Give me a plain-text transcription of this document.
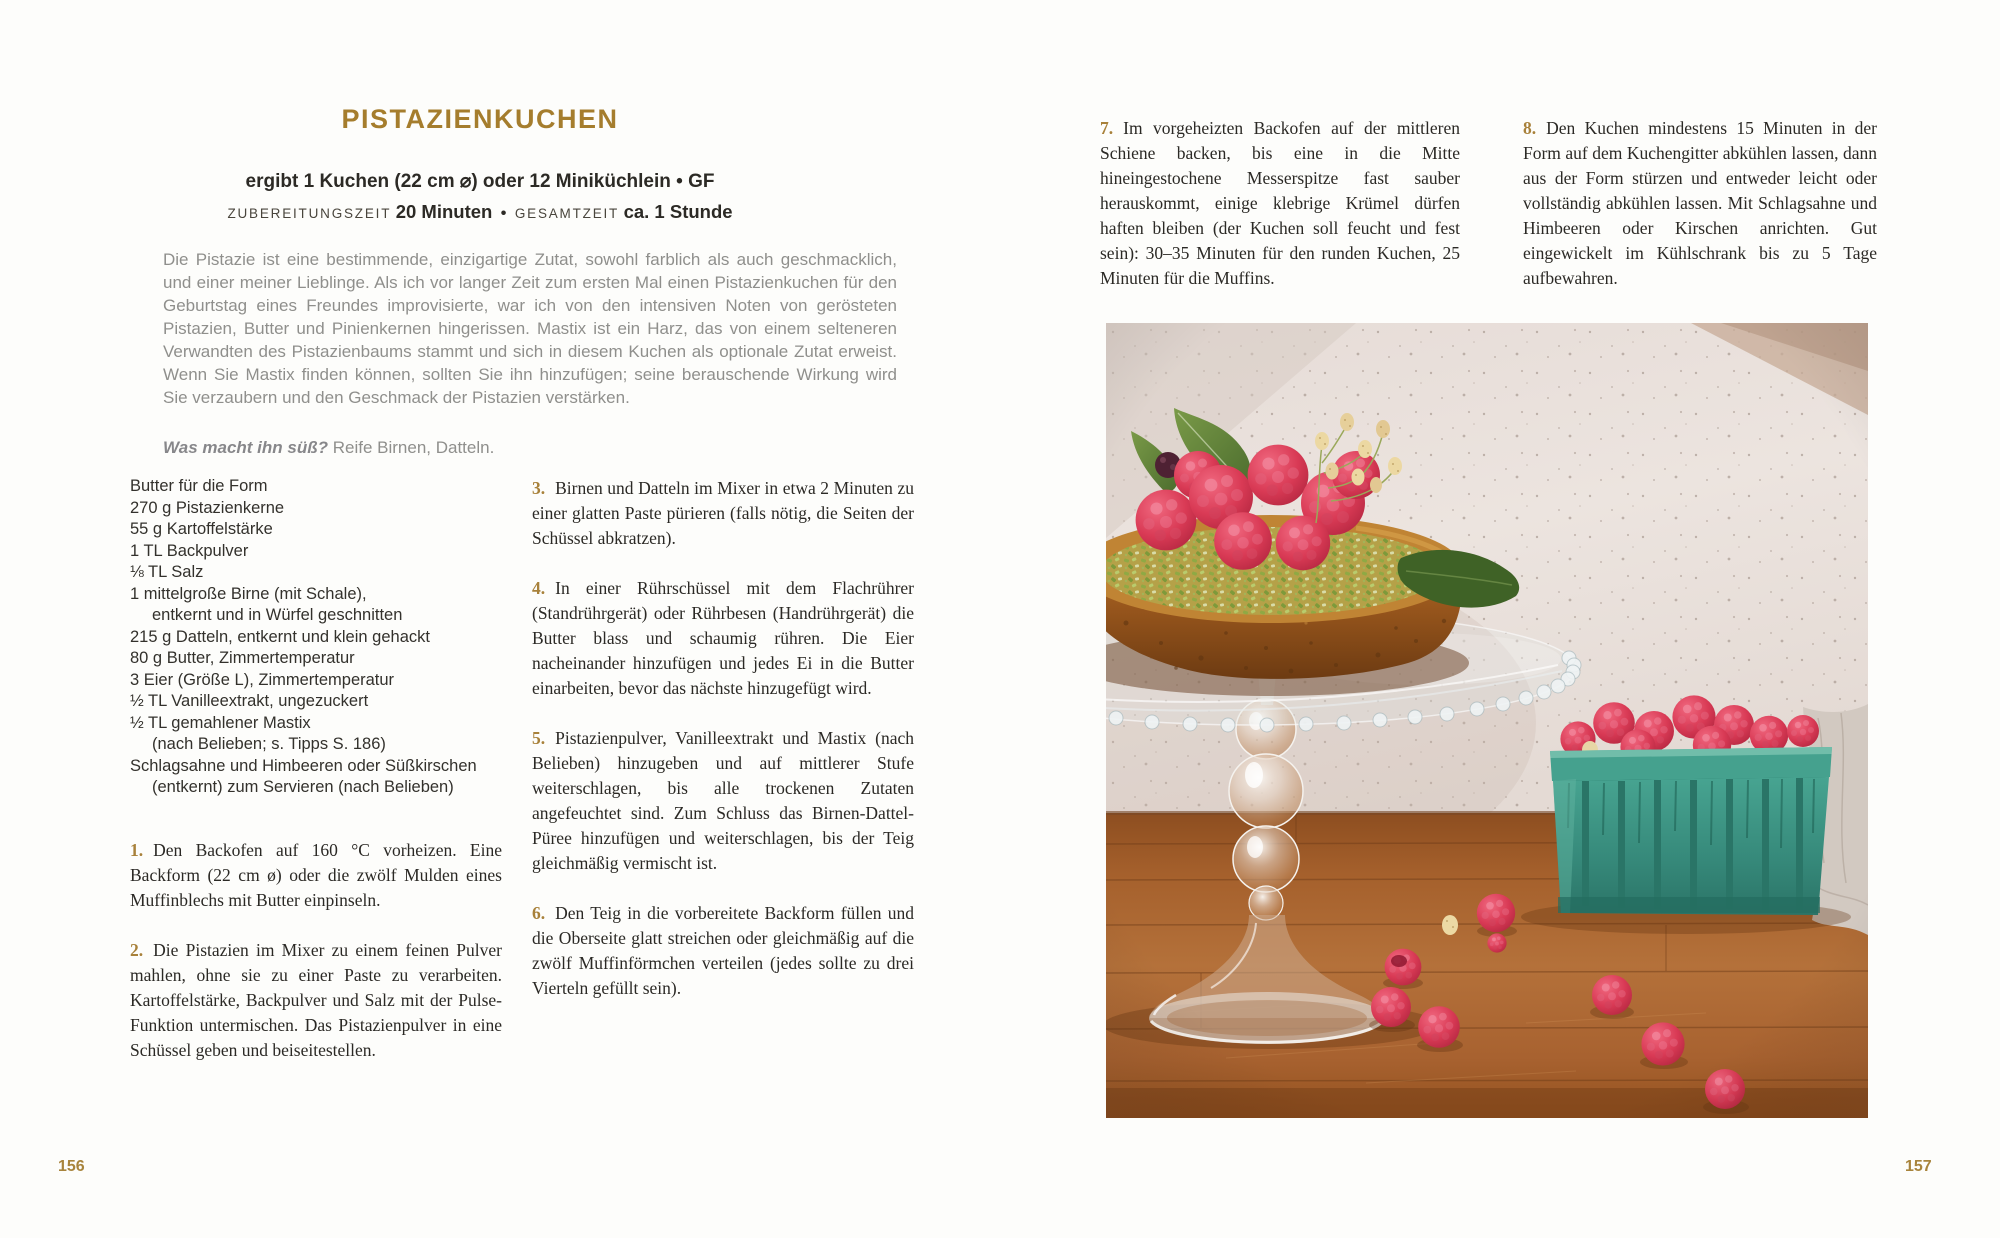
PISTAZIENKUCHEN
ergibt 1 Kuchen (22 cm ⌀) oder 12 Miniküchlein • GF
ZUBEREITUNGSZEIT 20 Minuten • GESAMTZEIT ca. 1 Stunde
Die Pistazie ist eine bestimmende, einzigartige Zutat, sowohl farblich als auch geschmacklich, und einer meiner Lieblinge. Als ich vor langer Zeit zum ersten Mal einen Pistazienkuchen für den Geburtstag eines Freundes improvisierte, war ich von den intensiven Noten von gerösteten Pistazien, Butter und Pinienkernen hingerissen. Mastix ist ein Harz, das von einem selteneren Verwandten des Pistazienbaums stammt und sich in diesem Kuchen als optionale Zutat erweist. Wenn Sie Mastix finden können, sollten Sie ihn hinzufügen; seine berauschende Wirkung wird Sie verzaubern und den Geschmack der Pistazien verstärken.
Was macht ihn süß? Reife Birnen, Datteln.
Butter für die Form
270 g Pistazienkerne
55 g Kartoffelstärke
1 TL Backpulver
⅛ TL Salz
1 mittelgroße Birne (mit Schale),
entkernt und in Würfel geschnitten
215 g Datteln, entkernt und klein gehackt
80 g Butter, Zimmertemperatur
3 Eier (Größe L), Zimmertemperatur
½ TL Vanilleextrakt, ungezuckert
½ TL gemahlener Mastix
(nach Belieben; s. Tipps S. 186)
Schlagsahne und Himbeeren oder Süßkirschen
(entkernt) zum Servieren (nach Belieben)

1. Den Backofen auf 160 °C vorheizen. Eine Backform (22 cm ø) oder die zwölf Mulden eines Muffinblechs mit Butter einpinseln.

2. Die Pistazien im Mixer zu einem feinen Pulver mahlen, ohne sie zu einer Paste zu verarbeiten. Kartoffelstärke, Backpulver und Salz mit der Pulse-Funktion untermischen. Das Pistazienpulver in eine Schüssel geben und beiseitestellen.

3. Birnen und Datteln im Mixer in etwa 2 Minuten zu einer glatten Paste pürieren (falls nötig, die Seiten der Schüssel abkratzen).

4. In einer Rührschüssel mit dem Flachrührer (Standrührgerät) oder Rührbesen (Handrührgerät) die Butter blass und schaumig rühren. Die Eier nacheinander hinzufügen und jedes Ei in die Butter einarbeiten, bevor das nächste hinzugefügt wird.

5. Pistazienpulver, Vanilleextrakt und Mastix (nach Belieben) hinzugeben und auf mittlerer Stufe weiterschlagen, bis alle trockenen Zutaten angefeuchtet sind. Zum Schluss das Birnen-Dattel-Püree hinzufügen und weiterschlagen, bis der Teig gleichmäßig vermischt ist.

6. Den Teig in die vorbereitete Backform füllen und die Oberseite glatt streichen oder gleichmäßig auf die zwölf Muffinförmchen verteilen (jedes sollte zu drei Vierteln gefüllt sein).

156

7. Im vorgeheizten Backofen auf der mittleren Schiene backen, bis eine in die Mitte hineingestochene Messerspitze fast sauber herauskommt, einige klebrige Krümel dürfen haften bleiben (der Kuchen soll feucht und fest sein): 30–35 Minuten für den runden Kuchen, 25 Minuten für die Muffins.

8. Den Kuchen mindestens 15 Minuten in der Form auf dem Kuchengitter abkühlen lassen, dann aus der Form stürzen und entweder leicht oder vollständig abkühlen lassen. Mit Schlagsahne und Himbeeren oder Kirschen anrichten. Gut eingewickelt im Kühlschrank bis zu 5 Tage aufbewahren.

157
